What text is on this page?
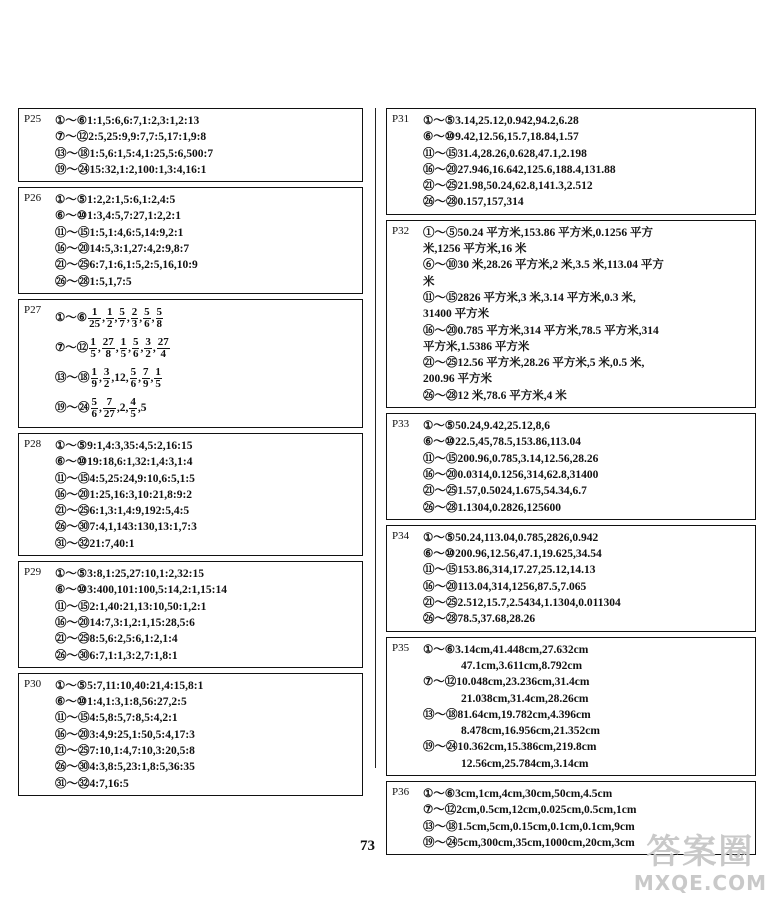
P25 ①～⑥1:1,5:6,6:7,1:2,3:1,2:13
⑦～⑫2:5,25:9,9:7,7:5,17:1,9:8
⑬～⑱1:5,6:1,5:4,1:25,5:6,500:7
⑲～㉔15:32,1:2,100:1,3:4,16:1
P26 ①～⑤1:2,2:1,5:6,1:2,4:5
⑥～⑩1:3,4:5,7:27,1:2,2:1
⑪～⑮1:5,1:4,6:5,14:9,2:1
⑯～⑳14:5,3:1,27:4,2:9,8:7
㉑～㉕6:7,1:6,1:5,2:5,16,10:9
㉖～㉘1:5,1,7:5
P27
①～⑥ $\frac{1}{25}$ , $\frac{1}{2}$ , $\frac{5}{7}$ , $\frac{2}{3}$ , $\frac{5}{6}$ , $\frac{5}{8}$
⑦～⑫ $\frac{1}{5}$ , $\frac{27}{8}$ , $\frac{1}{5}$ , $\frac{5}{6}$ , $\frac{3}{2}$ , $\frac{27}{4}$
⑬～⑱ $\frac{1}{9}$ , $\frac{3}{2} ,12$, $\frac{5}{6}$ , $\frac{7}{9}$ , $\frac{1}{5}$
⑲～㉔ $\frac{5}{6}$ , $\frac{7}{27} ,2$, $\frac{4}{5} ,5$
P28 ①～⑤9:1,4:3,35:4,5:2,16:15
⑥～⑩19:18,6:1,32:1,4:3,1:4
⑪～⑮4:5,25:24,9:10,6:5,1:5
⑯～⑳1:25,16:3,10:21,8:9:2
㉑～㉕6:1,3:1,4:9,192:5,4:5
㉖～㉚7:4,1,143:130,13:1,7:3
㉛～㉜21:7,40:1
P29 ①～⑤3:8,1:25,27:10,1:2,32:15
⑥～⑩3:400,101:100,5:14,2:1,15:14
⑪～⑮2:1,40:21,13:10,50:1,2:1
⑯～⑳14:7,3:1,2:1,15:28,5:6
㉑～㉕8:5,6:2,5:6,1:2,1:4
㉖～㉚6:7,1:1,3:2,7:1,8:1
P30 ①～⑤5:7,11:10,40:21,4:15,8:1
⑥～⑩1:4,1:3,1:8,56:27,2:5
⑪～⑮4:5,8:5,7:8,5:4,2:1
⑯～⑳3:4,9:25,1:50,5:4,17:3
㉑～㉕7:10,1:4,7:10,3:20,5:8
㉖～㉚4:3,8:5,23:1,8:5,36:35
㉛～㉜4:7,16:5
P31 ①～⑤3.14,25.12,0.942,94.2,6.28
⑥～⑩9.42,12.56,15.7,18.84,1.57
⑪～⑮31.4,28.26,0.628,47.1,2.198
⑯～⑳27.946,16.642,125.6,188.4,131.88
㉑～㉕21.98,50.24,62.8,141.3,2.512
㉖～㉘0.157,157,314
P32 ①～⑤50.24 平方米,153.86 平方米,0.1256 平方
米,1256 平方米,16 米
⑥～⑩30 米,28.26 平方米,2 米,3.5 米,113.04 平方
米
⑪～⑮2826 平方米,3 米,3.14 平方米,0.3 米,
31400 平方米
⑯～⑳0.785 平方米,314 平方米,78.5 平方米,314
平方米,1.5386 平方米
㉑～㉕12.56 平方米,28.26 平方米,5 米,0.5 米,
200.96 平方米
㉖～㉘12 米,78.6 平方米,4 米
P33 ①～⑤50.24,9.42,25.12,8,6
⑥～⑩22.5,45,78.5,153.86,113.04
⑪～⑮200.96,0.785,3.14,12.56,28.26
⑯～⑳0.0314,0.1256,314,62.8,31400
㉑～㉕1.57,0.5024,1.675,54.34,6.7
㉖～㉘1.1304,0.2826,125600
P34 ①～⑤50.24,113.04,0.785,2826,0.942
⑥～⑩200.96,12.56,47.1,19.625,34.54
⑪～⑮153.86,314,17.27,25.12,14.13
⑯～⑳113.04,314,1256,87.5,7.065
㉑～㉕2.512,15.7,2.5434,1.1304,0.011304
㉖～㉘78.5,37.68,28.26
P35 ①～⑥3.14cm,41.448cm,27.632cm
47.1cm,3.611cm,8.792cm
⑦～⑫10.048cm,23.236cm,31.4cm
21.038cm,31.4cm,28.26cm
⑬～⑱81.64cm,19.782cm,4.396cm
8.478cm,16.956cm,21.352cm
⑲～㉔10.362cm,15.386cm,219.8cm
12.56cm,25.784cm,3.14cm
P36 ①～⑥3cm,1cm,4cm,30cm,50cm,4.5cm
⑦～⑫2cm,0.5cm,12cm,0.025cm,0.5cm,1cm
⑬～⑱1.5cm,5cm,0.15cm,0.1cm,0.1cm,9cm
⑲～㉔5cm,300cm,35cm,1000cm,20cm,3cm
73	答案圈
MXQE.COM
